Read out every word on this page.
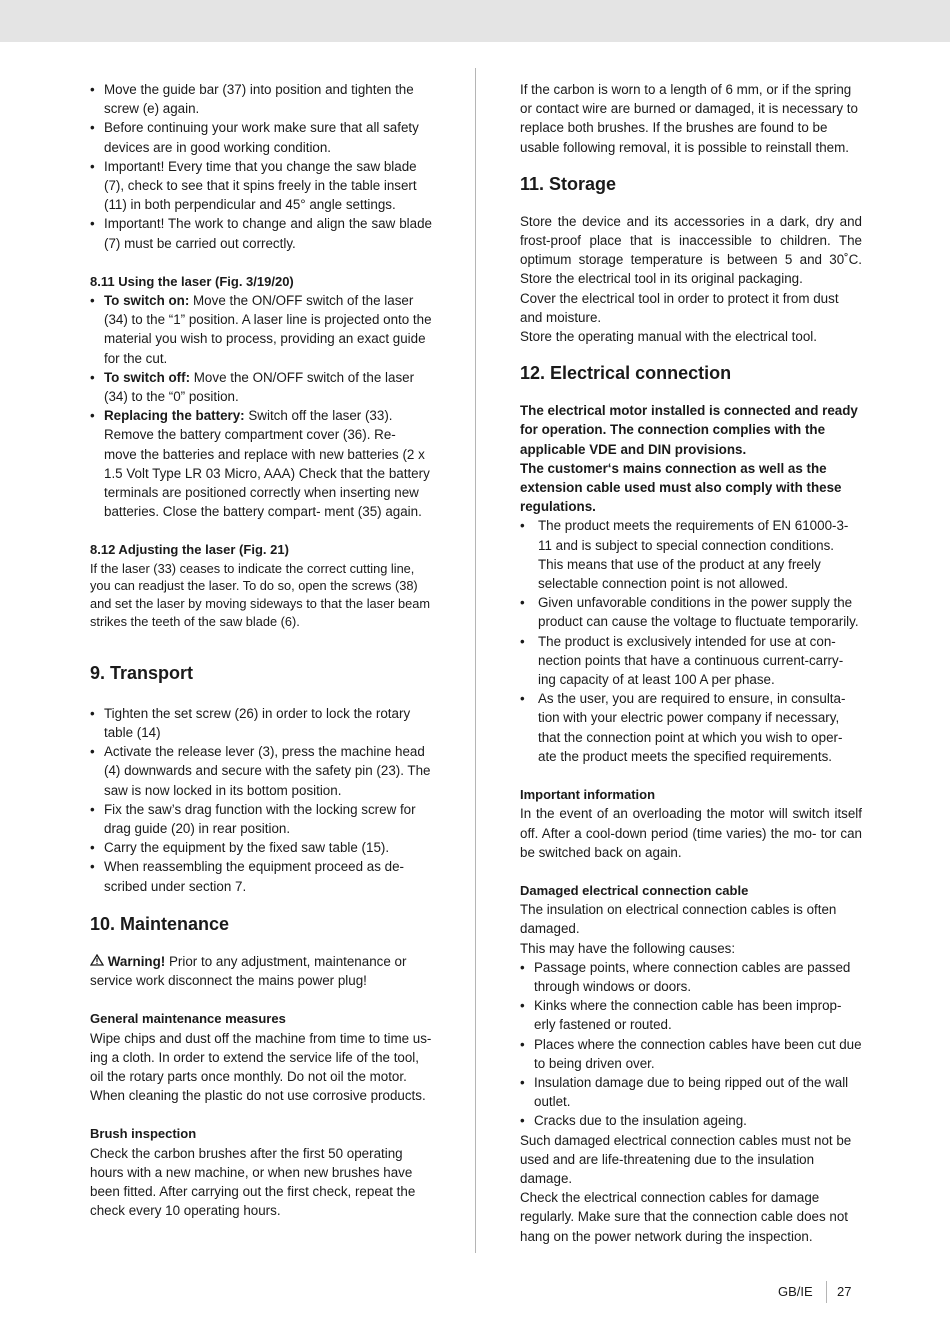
• Move the guide bar (37) into position and tighten the screw (e) again.
• Before continuing your work make sure that all safety devices are in good working condition.
• Important! Every time that you change the saw blade (7), check to see that it spins freely in the table insert (11) in both perpendicular and 45° angle settings.
• Important! The work to change and align the saw blade (7) must be carried out correctly.

8.11 Using the laser (Fig. 3/19/20)

• To switch on: Move the ON/OFF switch of the laser (34) to the “1” position. A laser line is projected onto the material you wish to process, providing an exact guide for the cut.
• To switch off: Move the ON/OFF switch of the laser (34) to the “0” position.
• Replacing the battery: Switch off the laser (33). Remove the battery compartment cover (36). Re- move the batteries and replace with new batteries (2 x 1.5 Volt Type LR 03 Micro, AAA) Check that the battery terminals are positioned correctly when inserting new batteries. Close the battery compart- ment (35) again.

8.12 Adjusting the laser (Fig. 21)

If the laser (33) ceases to indicate the correct cutting line, you can readjust the laser. To do so, open the screws (38) and set the laser by moving sideways to that the laser beam strikes the teeth of the saw blade (6).

9. Transport
• Tighten the set screw (26) in order to lock the rotary table (14)
• Activate the release lever (3), press the machine head (4) downwards and secure with the safety pin (23). The saw is now locked in its bottom position.
• Fix the saw’s drag function with the locking screw for drag guide (20) in rear position.
• Carry the equipment by the fixed saw table (15).
• When reassembling the equipment proceed as de- scribed under section 7.
10. Maintenance

Warning! Prior to any adjustment, maintenance or service work disconnect the mains power plug!

General maintenance measures

Wipe chips and dust off the machine from time to time us- ing a cloth. In order to extend the service life of the tool, oil the rotary parts once monthly. Do not oil the motor.

When cleaning the plastic do not use corrosive products.

Brush inspection

Check the carbon brushes after the first 50 operating hours with a new machine, or when new brushes have been fitted. After carrying out the first check, repeat the check every 10 operating hours.

If the carbon is worn to a length of 6 mm, or if the spring or contact wire are burned or damaged, it is necessary to replace both brushes. If the brushes are found to be usable following removal, it is possible to reinstall them.

11. Storage

Store the device and its accessories in a dark, dry and frost-proof place that is inaccessible to children. The optimum storage temperature is between 5 and 30˚C. Store the electrical tool in its original packaging.

Cover the electrical tool in order to protect it from dust and moisture.

Store the operating manual with the electrical tool.

12. Electrical connection

The electrical motor installed is connected and ready for operation. The connection complies with the applicable VDE and DIN provisions.

The customer‘s mains connection as well as the extension cable used must also comply with these regulations.

• The product meets the requirements of EN 61000-3-11 and is subject to special connection conditions. This means that use of the product at any freely selectable connection point is not allowed.
• Given unfavorable conditions in the power supply the product can cause the voltage to fluctuate temporarily.
• The product is exclusively intended for use at con- nection points that have a continuous current-carry- ing capacity of at least 100 A per phase.
• As the user, you are required to ensure, in consulta- tion with your electric power company if necessary, that the connection point at which you wish to oper- ate the product meets the specified requirements.

Important information

In the event of an overloading the motor will switch itself off. After a cool-down period (time varies) the mo- tor can be switched back on again.

Damaged electrical connection cable

The insulation on electrical connection cables is often damaged.

This may have the following causes:

• Passage points, where connection cables are passed through windows or doors.
• Kinks where the connection cable has been improp- erly fastened or routed.
• Places where the connection cables have been cut due to being driven over.
• Insulation damage due to being ripped out of the wall outlet.
• Cracks due to the insulation ageing.

Such damaged electrical connection cables must not be used and are life-threatening due to the insulation damage.

Check the electrical connection cables for damage regularly. Make sure that the connection cable does not hang on the power network during the inspection.

GB/IE 27
